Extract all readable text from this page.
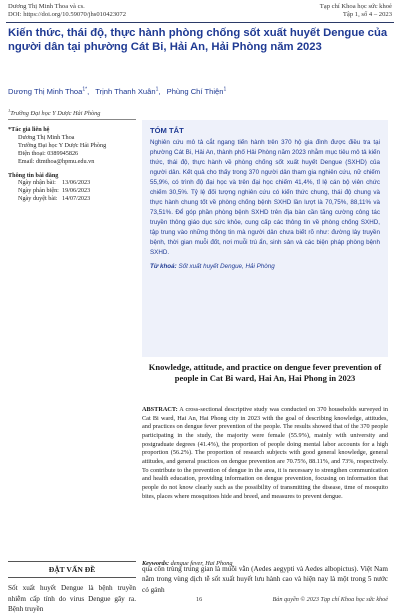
Dương Thị Minh Thoa và cs.
DOI: https://doi.org/10.59070/jhs010423072
Tạp chí Khoa học sức khoẻ
Tập 1, số 4 – 2023
Kiến thức, thái độ, thực hành phòng chống sốt xuất huyết Dengue của người dân tại phường Cát Bi, Hải An, Hải Phòng năm 2023
Dương Thị Minh Thoa$^{1*}$, Trịnh Thanh Xuân$^1$, Phùng Chí Thiện$^1$
$^1$Trường Đại học Y Dược Hải Phòng
*Tác giả liên hệ
Dương Thị Minh Thoa
Trường Đại học Y Dược Hải Phòng
Điện thoại: 0389945826
Email: dtmthoa@hpmu.edu.vn
Thông tin bài đăng
Ngày nhận bài: 13/06/2023
Ngày phản biện: 19/06/2023
Ngày duyệt bài: 14/07/2023
TÓM TẮT
Nghiên cứu mô tả cắt ngang tiến hành trên 370 hộ gia đình được điều tra tại phường Cát Bi, Hải An, thành phố Hải Phòng năm 2023 nhằm mục tiêu mô tả kiến thức, thái độ, thực hành về phòng chống sốt xuất huyết Dengue (SXHD) của người dân. Kết quả cho thấy trong 370 người dân tham gia nghiên cứu, nữ chiếm 55,9%, có trình độ đại học và trên đại học chiếm 41,4%, tỉ lệ cán bộ viên chức chiếm 30,5%. Tỷ lệ đối tượng nghiên cứu có kiến thức chung, thái độ chung và thực hành chung tốt về phòng chống bệnh SXHD lần lượt là 70,75%, 88,11% và 73,51%. Để góp phần phòng bệnh SXHD trên địa bàn cần tăng cường công tác truyền thông giáo dục sức khỏe, cung cấp các thông tin về phòng chống SXHD, tập trung vào những thông tin mà người dân chưa biết rõ như: đường lây truyền bệnh, thời gian muỗi đốt, nơi muỗi trú ẩn, sinh sản và các biện pháp phòng bệnh SXHD.
Từ khoá: Sốt xuất huyết Dengue, Hải Phòng
Knowledge, attitude, and practice on dengue fever prevention of people in Cat Bi ward, Hai An, Hai Phong in 2023

ABSTRACT: A cross-sectional descriptive study was conducted on 370 households surveyed in Cat Bi ward, Hai An, Hai Phong city in 2023 with the goal of describing knowledge, attitudes, and practices on dengue fever prevention of the people. The results showed that of the 370 people participating in the study, the majority were female (55.9%), mainly with university and postgraduate degrees (41.4%), the proportion of people doing mental labor accounts for a high proportion (56.2%). The proportion of research subjects with good general knowledge, general attitudes, and general practices on dengue prevention are 70.75%, 88.11%, and 73%, respectively. To contribute to the prevention of dengue in the area, it is necessary to strengthen communication and health education, providing information on dengue prevention, focusing on information that people do not know clearly such as the possibility of transmitting the disease, time of mosquito bites, places where mosquitoes hide and breed, and measures to prevent dengue.

Keywords: dengue fever, Hai Phong
ĐẶT VẤN ĐỀ

Sốt xuất huyết Dengue là bệnh truyền nhiễm cấp tính do virus Dengue gây ra. Bệnh truyền

qua côn trùng trung gian là muỗi vằn (Aedes aegypti và Aedes albopictus). Việt Nam nằm trong vùng dịch tễ sốt xuất huyết lưu hành cao và hiện nay là một trong 5 nước có gánh

16	Bản quyền © 2023 Tạp chí Khoa học sức khoẻ
